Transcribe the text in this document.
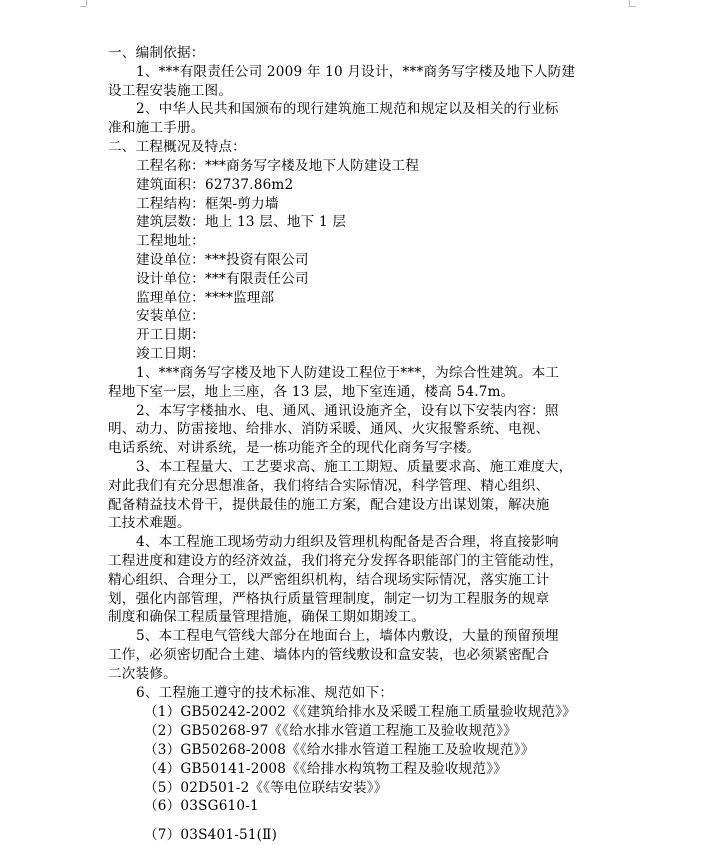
一、编制依据：
1、***有限责任公司 2009 年 10 月设计，***商务写字楼及地下人防建
设工程安装施工图。
2、中华人民共和国颁布的现行建筑施工规范和规定以及相关的行业标
准和施工手册。
二、工程概况及特点：
工程名称：***商务写字楼及地下人防建设工程
建筑面积：62737.86m2
工程结构：框架-剪力墙
建筑层数：地上 13 层、地下 1 层
工程地址：
建设单位：***投资有限公司
设计单位：***有限责任公司
监理单位：****监理部
安装单位：
开工日期：
竣工日期：
1、***商务写字楼及地下人防建设工程位于***，为综合性建筑。本工
程地下室一层，地上三座，各 13 层，地下室连通，楼高 54.7m。
2、本写字楼抽水、电、通风、通讯设施齐全，设有以下安装内容：照
明、动力、防雷接地、给排水、消防采暖、通风、火灾报警系统、电视、
电话系统、对讲系统，是一栋功能齐全的现代化商务写字楼。
3、本工程量大、工艺要求高、施工工期短、质量要求高、施工难度大，
对此我们有充分思想准备，我们将结合实际情况，科学管理、精心组织、
配备精益技术骨干，提供最佳的施工方案，配合建设方出谋划策，解决施
工技术难题。
4、本工程施工现场劳动力组织及管理机构配备是否合理，将直接影响
工程进度和建设方的经济效益，我们将充分发挥各职能部门的主管能动性，
精心组织、合理分工，以严密组织机构，结合现场实际情况，落实施工计
划，强化内部管理，严格执行质量管理制度，制定一切为工程服务的规章
制度和确保工程质量管理措施，确保工期如期竣工。
5、本工程电气管线大部分在地面台上，墙体内敷设，大量的预留预埋
工作，必须密切配合土建、墙体内的管线敷设和盒安装，也必须紧密配合
二次装修。
6、工程施工遵守的技术标准、规范如下：
（1）GB50242-2002《《建筑给排水及采暖工程施工质量验收规范》》
（2）GB50268-97《《给水排水管道工程施工及验收规范》》
（3）GB50268-2008《《给水排水管道工程施工及验收规范》》
（4）GB50141-2008《《给排水构筑物工程及验收规范》》
（5）02D501-2《《等电位联结安装》》
（6）03SG610-1
（7）03S401-51(Ⅱ)
